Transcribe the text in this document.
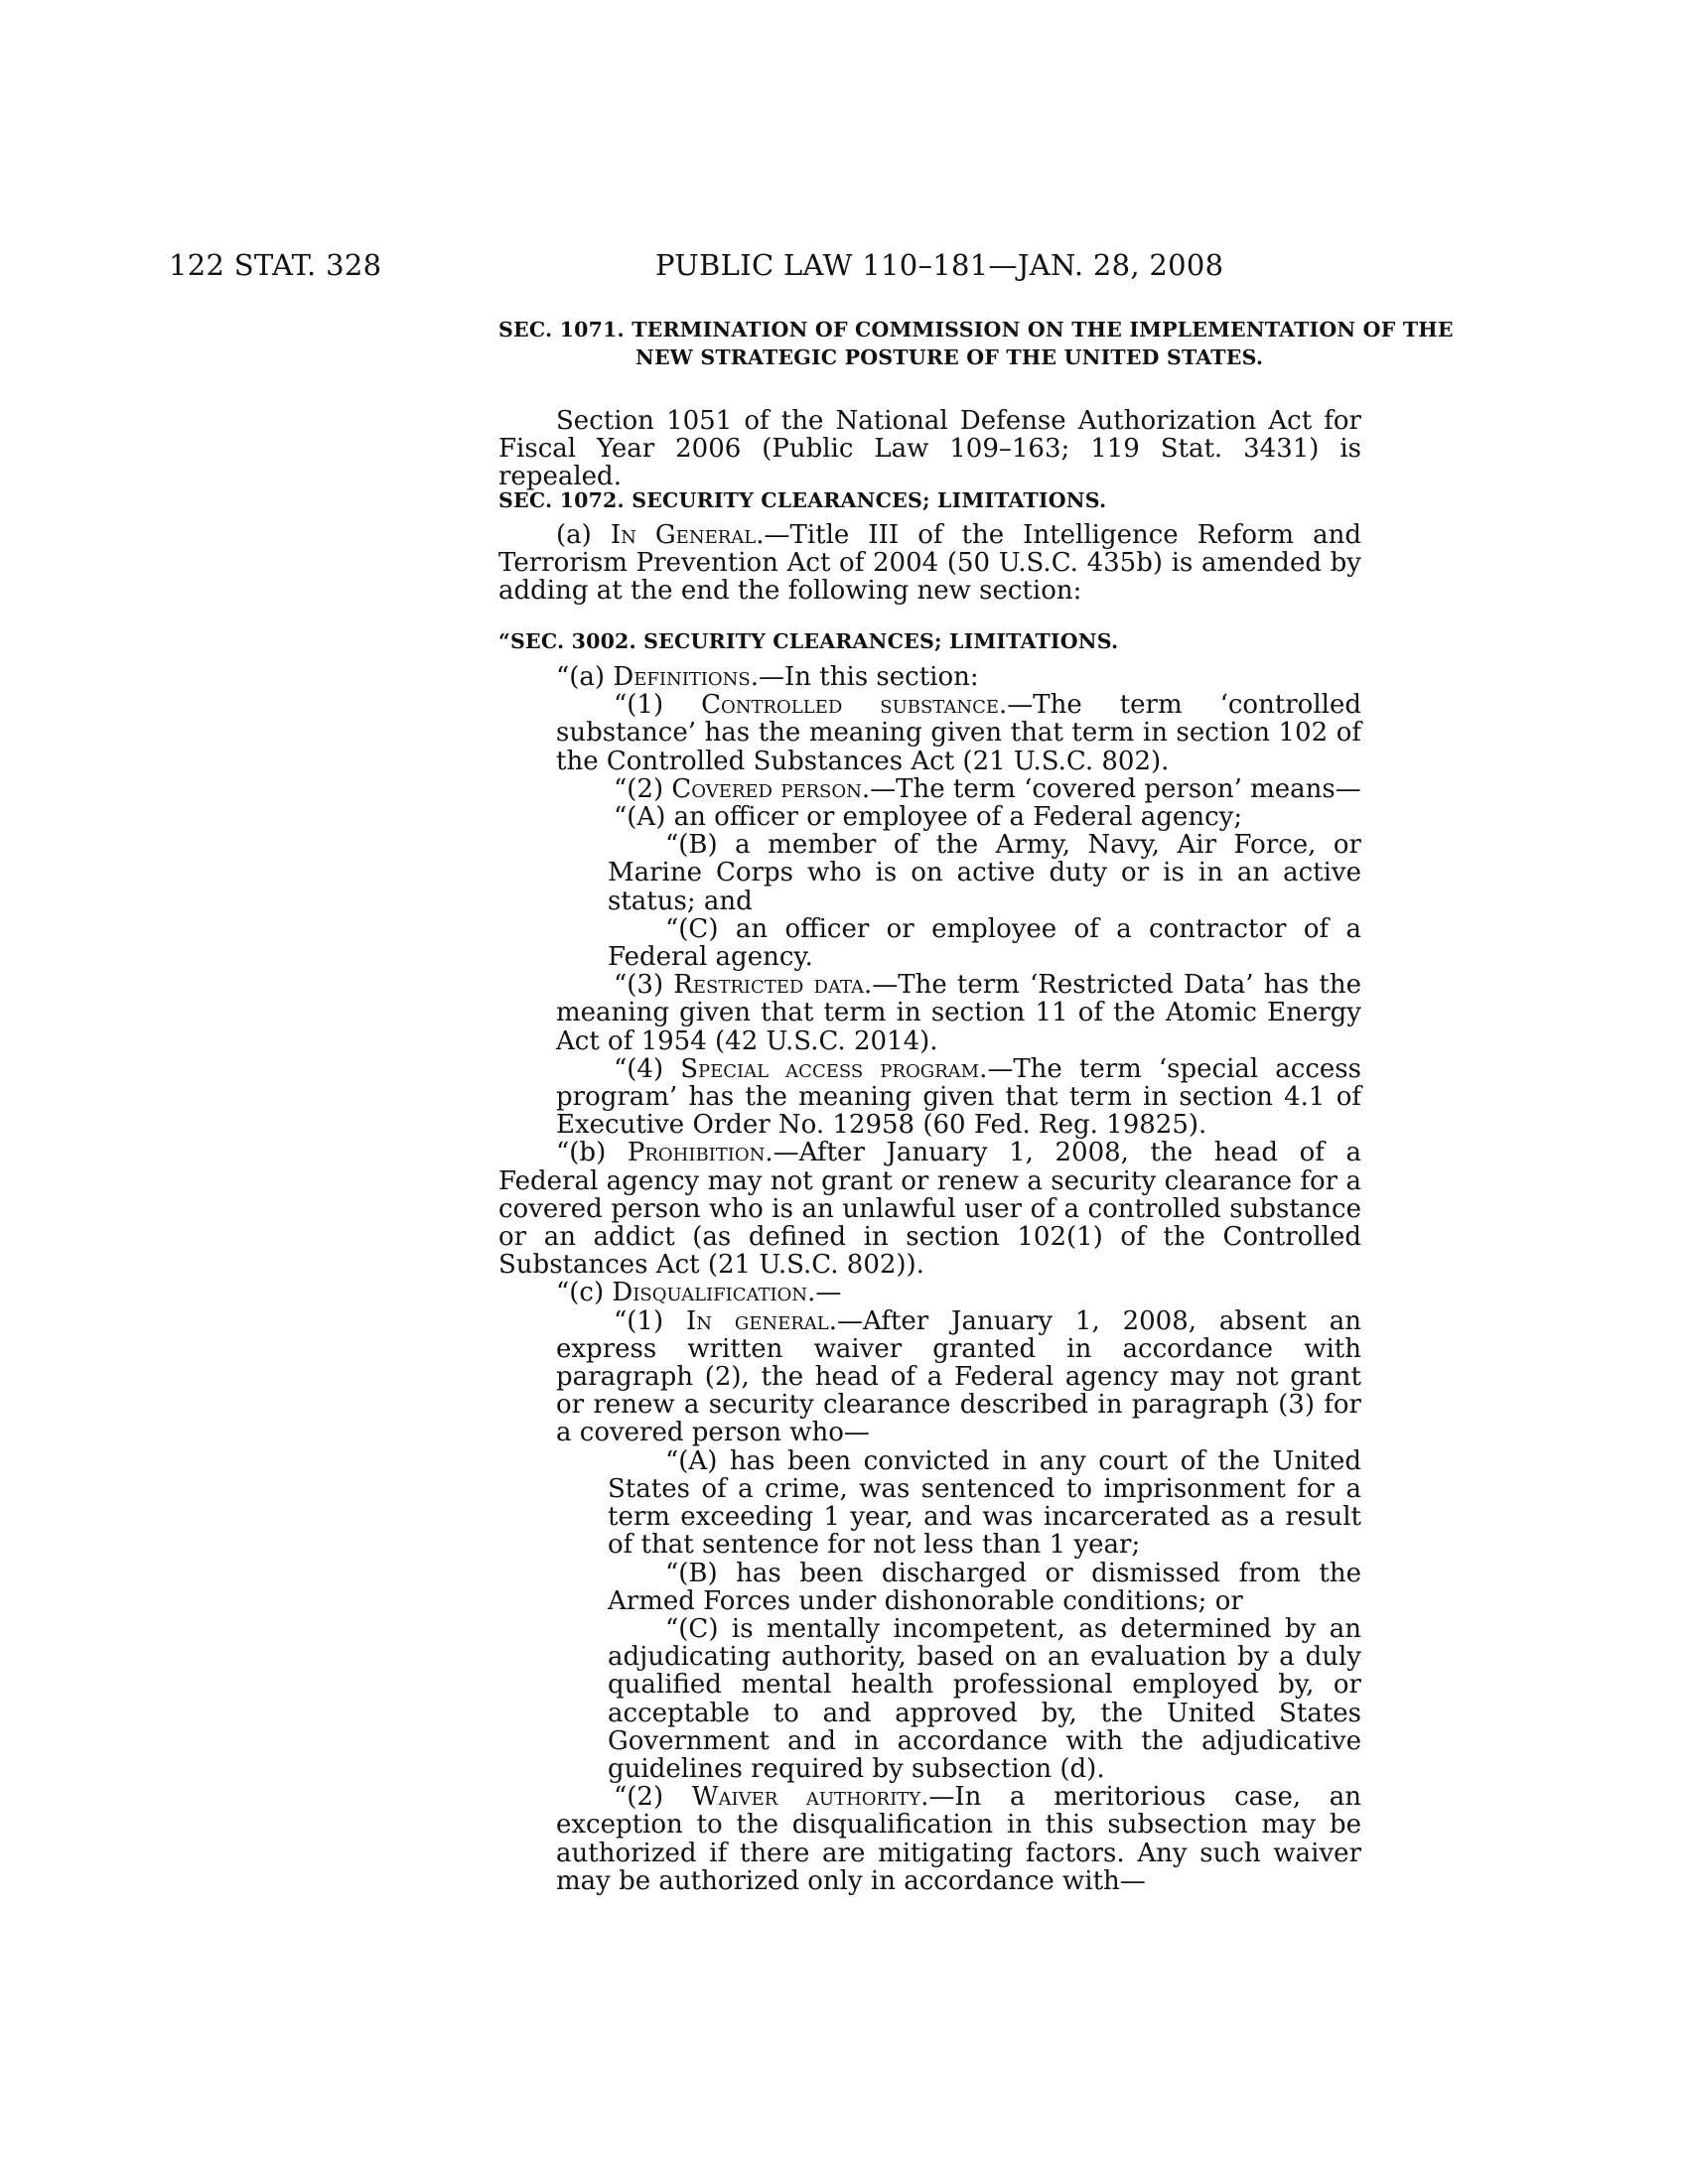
122 STAT. 328	PUBLIC LAW 110–181—JAN. 28, 2008
SEC. 1071. TERMINATION OF COMMISSION ON THE IMPLEMENTATION OF THE NEW STRATEGIC POSTURE OF THE UNITED STATES.

Section 1051 of the National Defense Authorization Act for Fiscal Year 2006 (Public Law 109–163; 119 Stat. 3431) is repealed.

SEC. 1072. SECURITY CLEARANCES; LIMITATIONS.

(a) In General.—Title III of the Intelligence Reform and Terrorism Prevention Act of 2004 (50 U.S.C. 435b) is amended by adding at the end the following new section:

“SEC. 3002. SECURITY CLEARANCES; LIMITATIONS.

“(a) Definitions.—In this section:

“(1) Controlled substance.—The term ‘controlled substance’ has the meaning given that term in section 102 of the Controlled Substances Act (21 U.S.C. 802).

“(2) Covered person.—The term ‘covered person’ means—

“(A) an officer or employee of a Federal agency;

“(B) a member of the Army, Navy, Air Force, or Marine Corps who is on active duty or is in an active status; and

“(C) an officer or employee of a contractor of a Federal agency.

“(3) Restricted data.—The term ‘Restricted Data’ has the meaning given that term in section 11 of the Atomic Energy Act of 1954 (42 U.S.C. 2014).

“(4) Special access program.—The term ‘special access program’ has the meaning given that term in section 4.1 of Executive Order No. 12958 (60 Fed. Reg. 19825).

“(b) Prohibition.—After January 1, 2008, the head of a Federal agency may not grant or renew a security clearance for a covered person who is an unlawful user of a controlled substance or an addict (as defined in section 102(1) of the Controlled Substances Act (21 U.S.C. 802)).

“(c) Disqualification.—

“(1) In general.—After January 1, 2008, absent an express written waiver granted in accordance with paragraph (2), the head of a Federal agency may not grant or renew a security clearance described in paragraph (3) for a covered person who—

“(A) has been convicted in any court of the United States of a crime, was sentenced to imprisonment for a term exceeding 1 year, and was incarcerated as a result of that sentence for not less than 1 year;

“(B) has been discharged or dismissed from the Armed Forces under dishonorable conditions; or

“(C) is mentally incompetent, as determined by an adjudicating authority, based on an evaluation by a duly qualified mental health professional employed by, or acceptable to and approved by, the United States Government and in accordance with the adjudicative guidelines required by subsection (d).

“(2) Waiver authority.—In a meritorious case, an exception to the disqualification in this subsection may be authorized if there are mitigating factors. Any such waiver may be authorized only in accordance with—
